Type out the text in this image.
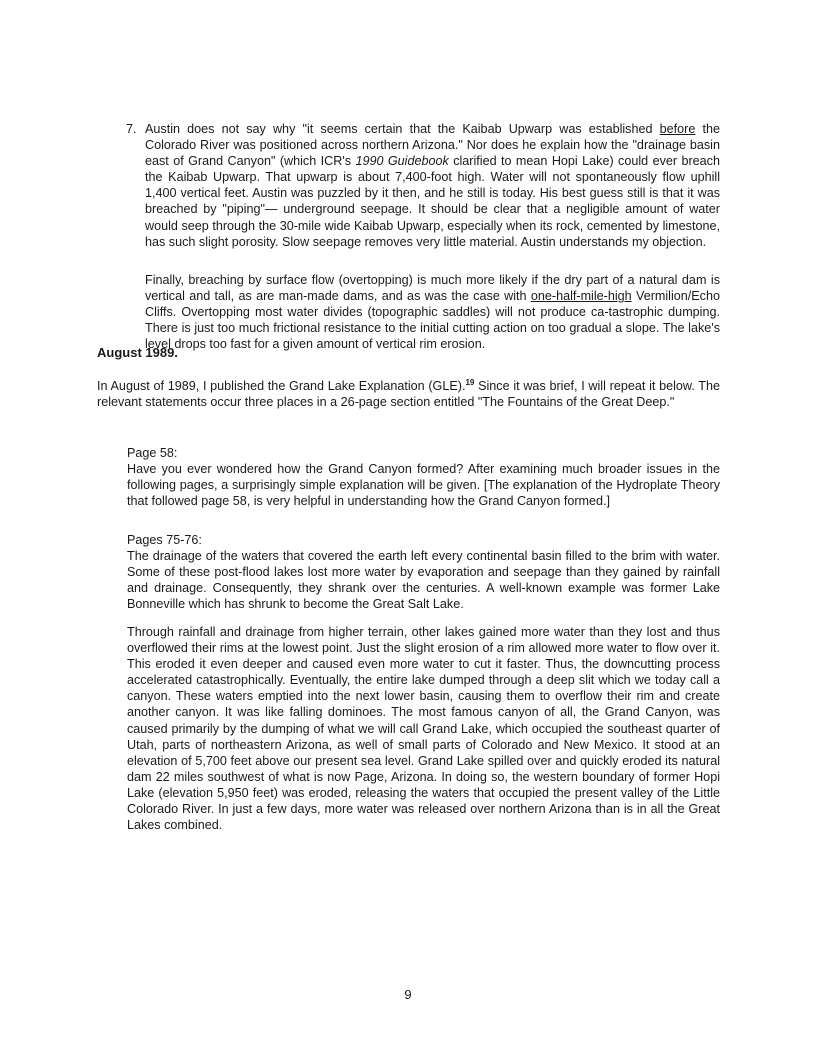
7. Austin does not say why "it seems certain that the Kaibab Upwarp was established before the Colorado River was positioned across northern Arizona." Nor does he explain how the "drainage basin east of Grand Canyon" (which ICR's 1990 Guidebook clarified to mean Hopi Lake) could ever breach the Kaibab Upwarp. That upwarp is about 7,400-foot high. Water will not spontaneously flow uphill 1,400 vertical feet. Austin was puzzled by it then, and he still is today. His best guess still is that it was breached by "piping"— underground seepage. It should be clear that a negligible amount of water would seep through the 30-mile wide Kaibab Upwarp, especially when its rock, cemented by limestone, has such slight porosity. Slow seepage removes very little material. Austin understands my objection.

Finally, breaching by surface flow (overtopping) is much more likely if the dry part of a natural dam is vertical and tall, as are man-made dams, and as was the case with one-half-mile-high Vermilion/Echo Cliffs. Overtopping most water divides (topographic saddles) will not produce ca-tastrophic dumping. There is just too much frictional resistance to the initial cutting action on too gradual a slope. The lake's level drops too fast for a given amount of vertical rim erosion.

August 1989.

In August of 1989, I published the Grand Lake Explanation (GLE).$^{19}$ Since it was brief, I will repeat it below. The relevant statements occur three places in a 26-page section entitled "The Fountains of the Great Deep."

Page 58:

Have you ever wondered how the Grand Canyon formed? After examining much broader issues in the following pages, a surprisingly simple explanation will be given. [The explanation of the Hydroplate Theory that followed page 58, is very helpful in understanding how the Grand Canyon formed.]

Pages 75-76:

The drainage of the waters that covered the earth left every continental basin filled to the brim with water. Some of these post-flood lakes lost more water by evaporation and seepage than they gained by rainfall and drainage. Consequently, they shrank over the centuries. A well-known example was former Lake Bonneville which has shrunk to become the Great Salt Lake.

Through rainfall and drainage from higher terrain, other lakes gained more water than they lost and thus overflowed their rims at the lowest point. Just the slight erosion of a rim allowed more water to flow over it. This eroded it even deeper and caused even more water to cut it faster. Thus, the downcutting process accelerated catastrophically. Eventually, the entire lake dumped through a deep slit which we today call a canyon. These waters emptied into the next lower basin, causing them to overflow their rim and create another canyon. It was like falling dominoes. The most famous canyon of all, the Grand Canyon, was caused primarily by the dumping of what we will call Grand Lake, which occupied the southeast quarter of Utah, parts of northeastern Arizona, as well of small parts of Colorado and New Mexico. It stood at an elevation of 5,700 feet above our present sea level. Grand Lake spilled over and quickly eroded its natural dam 22 miles southwest of what is now Page, Arizona. In doing so, the western boundary of former Hopi Lake (elevation 5,950 feet) was eroded, releasing the waters that occupied the present valley of the Little Colorado River. In just a few days, more water was released over northern Arizona than is in all the Great Lakes combined.

9
